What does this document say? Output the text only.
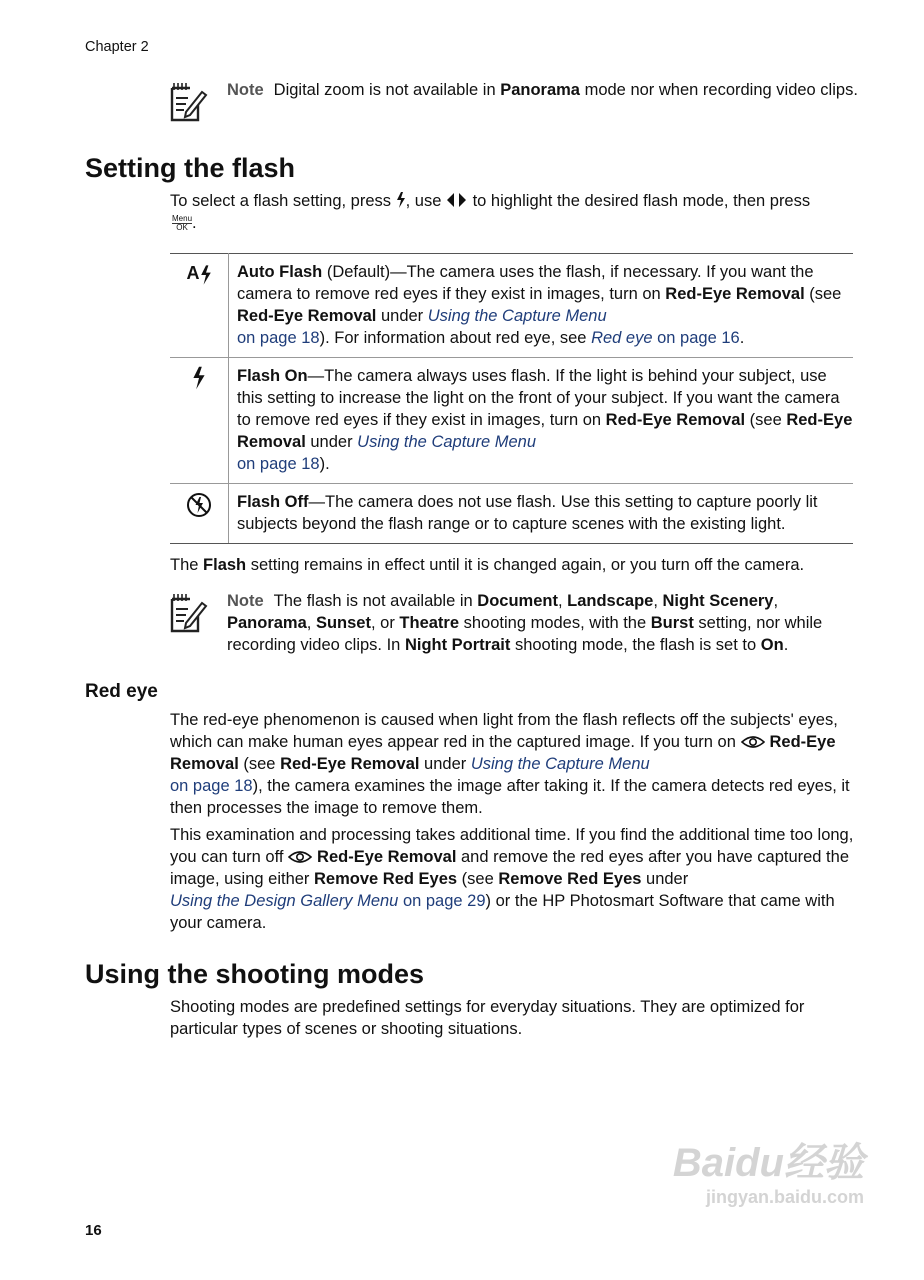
Chapter 2
Note Digital zoom is not available in Panorama mode nor when recording video clips.
Setting the flash
To select a flash setting, press , use  to highlight the desired flash mode, then press

Menu
OK .
A	Auto Flash (Default)—The camera uses the flash, if necessary. If you want the camera to remove red eyes if they exist in images, turn on Red-Eye Removal (see Red-Eye Removal under Using the Capture Menu
on page 18). For information about red eye, see Red eye on page 16.
	Flash On—The camera always uses flash. If the light is behind your subject, use this setting to increase the light on the front of your subject. If you want the camera to remove red eyes if they exist in images, turn on Red-Eye Removal (see Red-Eye Removal under Using the Capture Menu
on page 18).
	Flash Off—The camera does not use flash. Use this setting to capture poorly lit subjects beyond the flash range or to capture scenes with the existing light.
The Flash setting remains in effect until it is changed again, or you turn off the camera.
Note The flash is not available in Document, Landscape, Night Scenery, Panorama, Sunset, or Theatre shooting modes, with the Burst setting, nor while recording video clips. In Night Portrait shooting mode, the flash is set to On.
Red eye
The red-eye phenomenon is caused when light from the flash reflects off the subjects' eyes, which can make human eyes appear red in the captured image. If you turn on Red-Eye Removal (see Red-Eye Removal under Using the Capture Menu
on page 18), the camera examines the image after taking it. If the camera detects red eyes, it then processes the image to remove them.
This examination and processing takes additional time. If you find the additional time too long, you can turn off Red-Eye Removal and remove the red eyes after you have captured the image, using either Remove Red Eyes (see Remove Red Eyes under
Using the Design Gallery Menu on page 29) or the HP Photosmart Software that came with your camera.
Using the shooting modes
Shooting modes are predefined settings for everyday situations. They are optimized for particular types of scenes or shooting situations.
16
Baidu经验
jingyan.baidu.com
